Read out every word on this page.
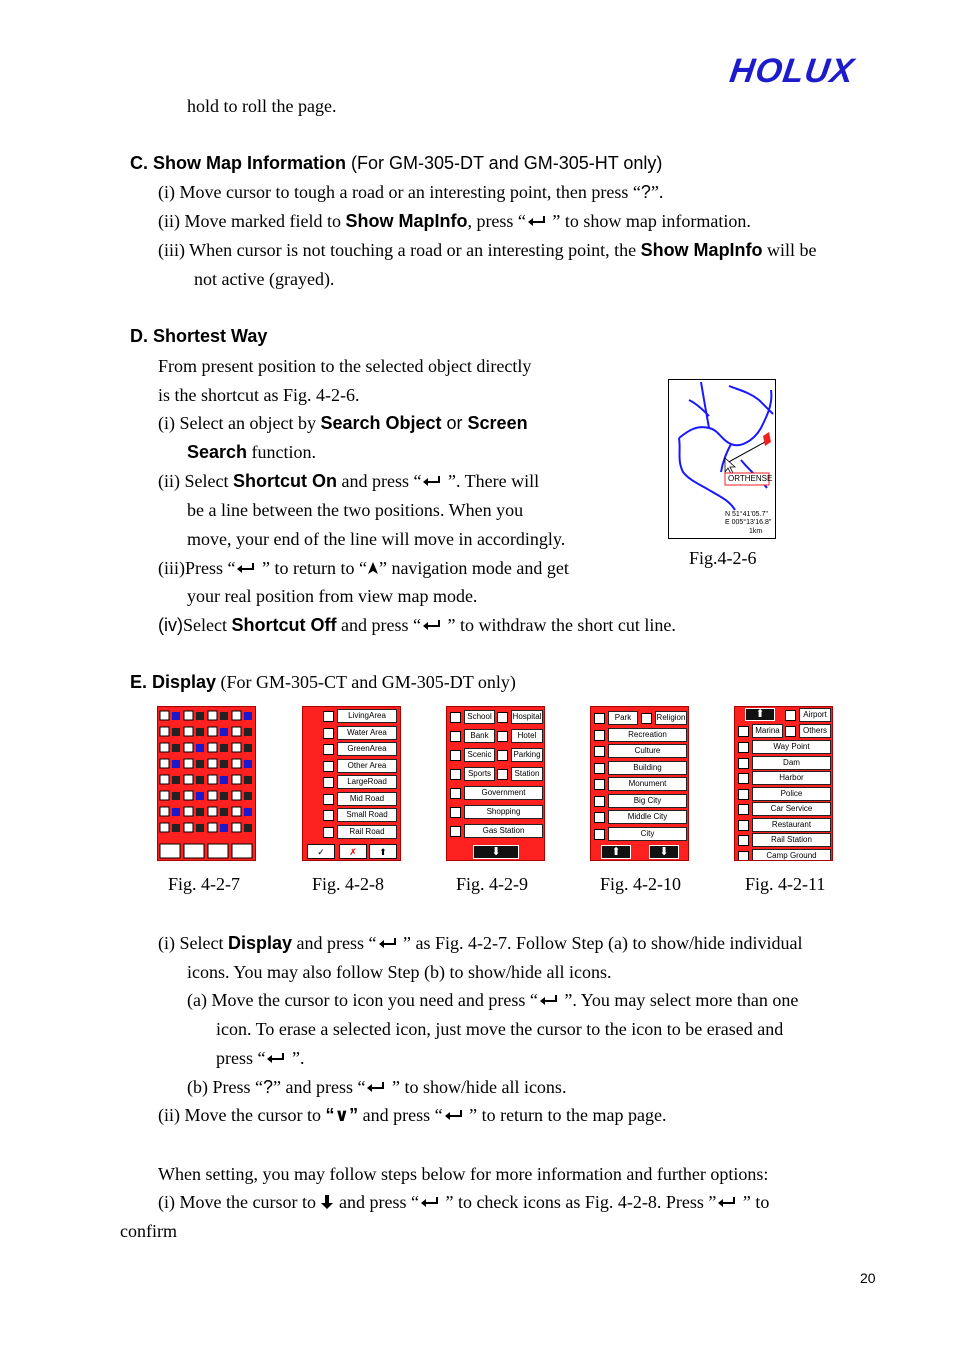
HOLUX
hold to roll the page.
C. Show Map Information (For GM-305-DT and GM-305-HT only)
(i) Move cursor to tough a road or an interesting point, then press “?”.
(ii) Move marked field to Show MapInfo, press “ ” to show map information.
(iii) When cursor is not touching a road or an interesting point, the Show MapInfo will be
not active (grayed).
D. Shortest Way
From present position to the selected object directly
is the shortcut as Fig. 4-2-6.
(i) Select an object by Search Object or Screen
Search function.
(ii) Select Shortcut On and press “ ”. There will
be a line between the two positions. When you
move, your end of the line will move in accordingly.
(iii)Press “ ” to return to “ ” navigation mode and get
your real position from view map mode.
(iv)Select Shortcut Off and press “ ” to withdraw the short cut line.
ORTHENSE
N 51°41'05.7"
E 005°13'16.8"
1km
Fig.4-2-6
E. Display (For GM-305-CT and GM-305-DT only)
LivingArea
Water Area
GreenArea
Other Area
LargeRoad
Mid Road
Small Road
Rail Road
✓	✗	⬆
School	Hospital
Bank	Hotel
Scenic	Parking
Sports	Station
Government
Shopping
Gas Station
⬇
Park	Religion
Recreation
Culture
Building
Monument
Big City
Middle City
City
⬆	⬇
Airport
Marina	Others
Way Point
Dam
Harbor
Police
Car Service
Restaurant
Rail Station
Camp Ground
⬆
Fig. 4-2-7	Fig. 4-2-8	Fig. 4-2-9	Fig. 4-2-10	Fig. 4-2-11
(i) Select Display and press “ ” as Fig. 4-2-7. Follow Step (a) to show/hide individual
icons. You may also follow Step (b) to show/hide all icons.
(a) Move the cursor to icon you need and press “ ”. You may select more than one
icon. To erase a selected icon, just move the cursor to the icon to be erased and
press “ ”.
(b) Press “?” and press “ ” to show/hide all icons.
(ii) Move the cursor to “∨” and press “ ” to return to the map page.
When setting, you may follow steps below for more information and further options:
(i) Move the cursor to  and press “ ” to check icons as Fig. 4-2-8. Press ” ” to
confirm
20
